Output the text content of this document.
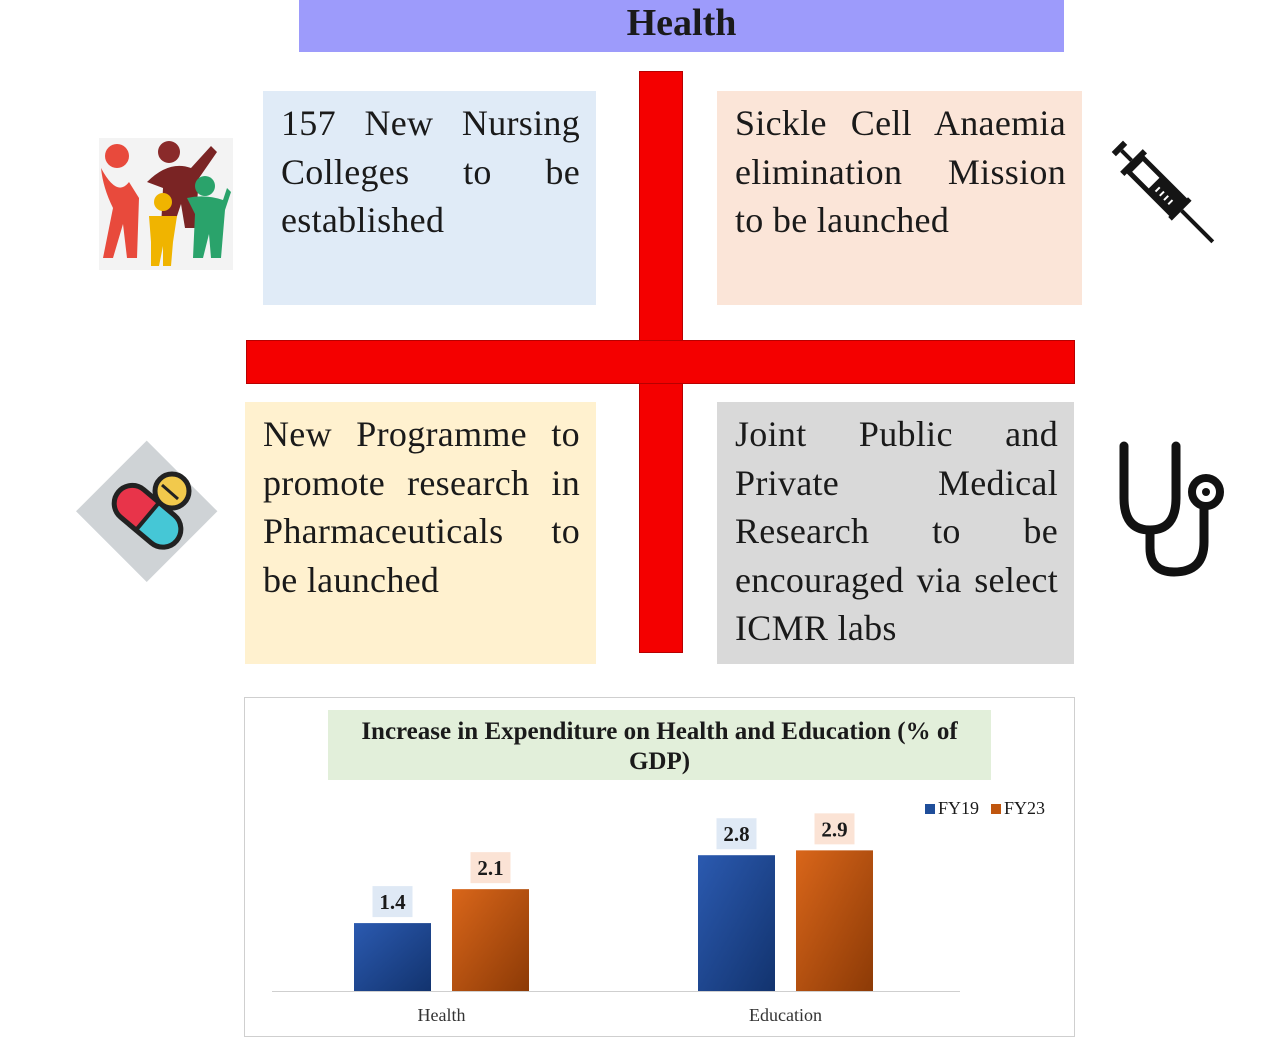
Health
157 New Nursing Colleges to be established
Sickle Cell Anaemia elimination Mission to be launched
New Programme to promote research in Pharmaceuticals to be launched
Joint Public and Private Medical Research to be encouraged via select ICMR labs
Increase in Expenditure on Health and Education (% of GDP)
FY19 FY23
1.4
2.1
Health
2.8	2.9
Education
